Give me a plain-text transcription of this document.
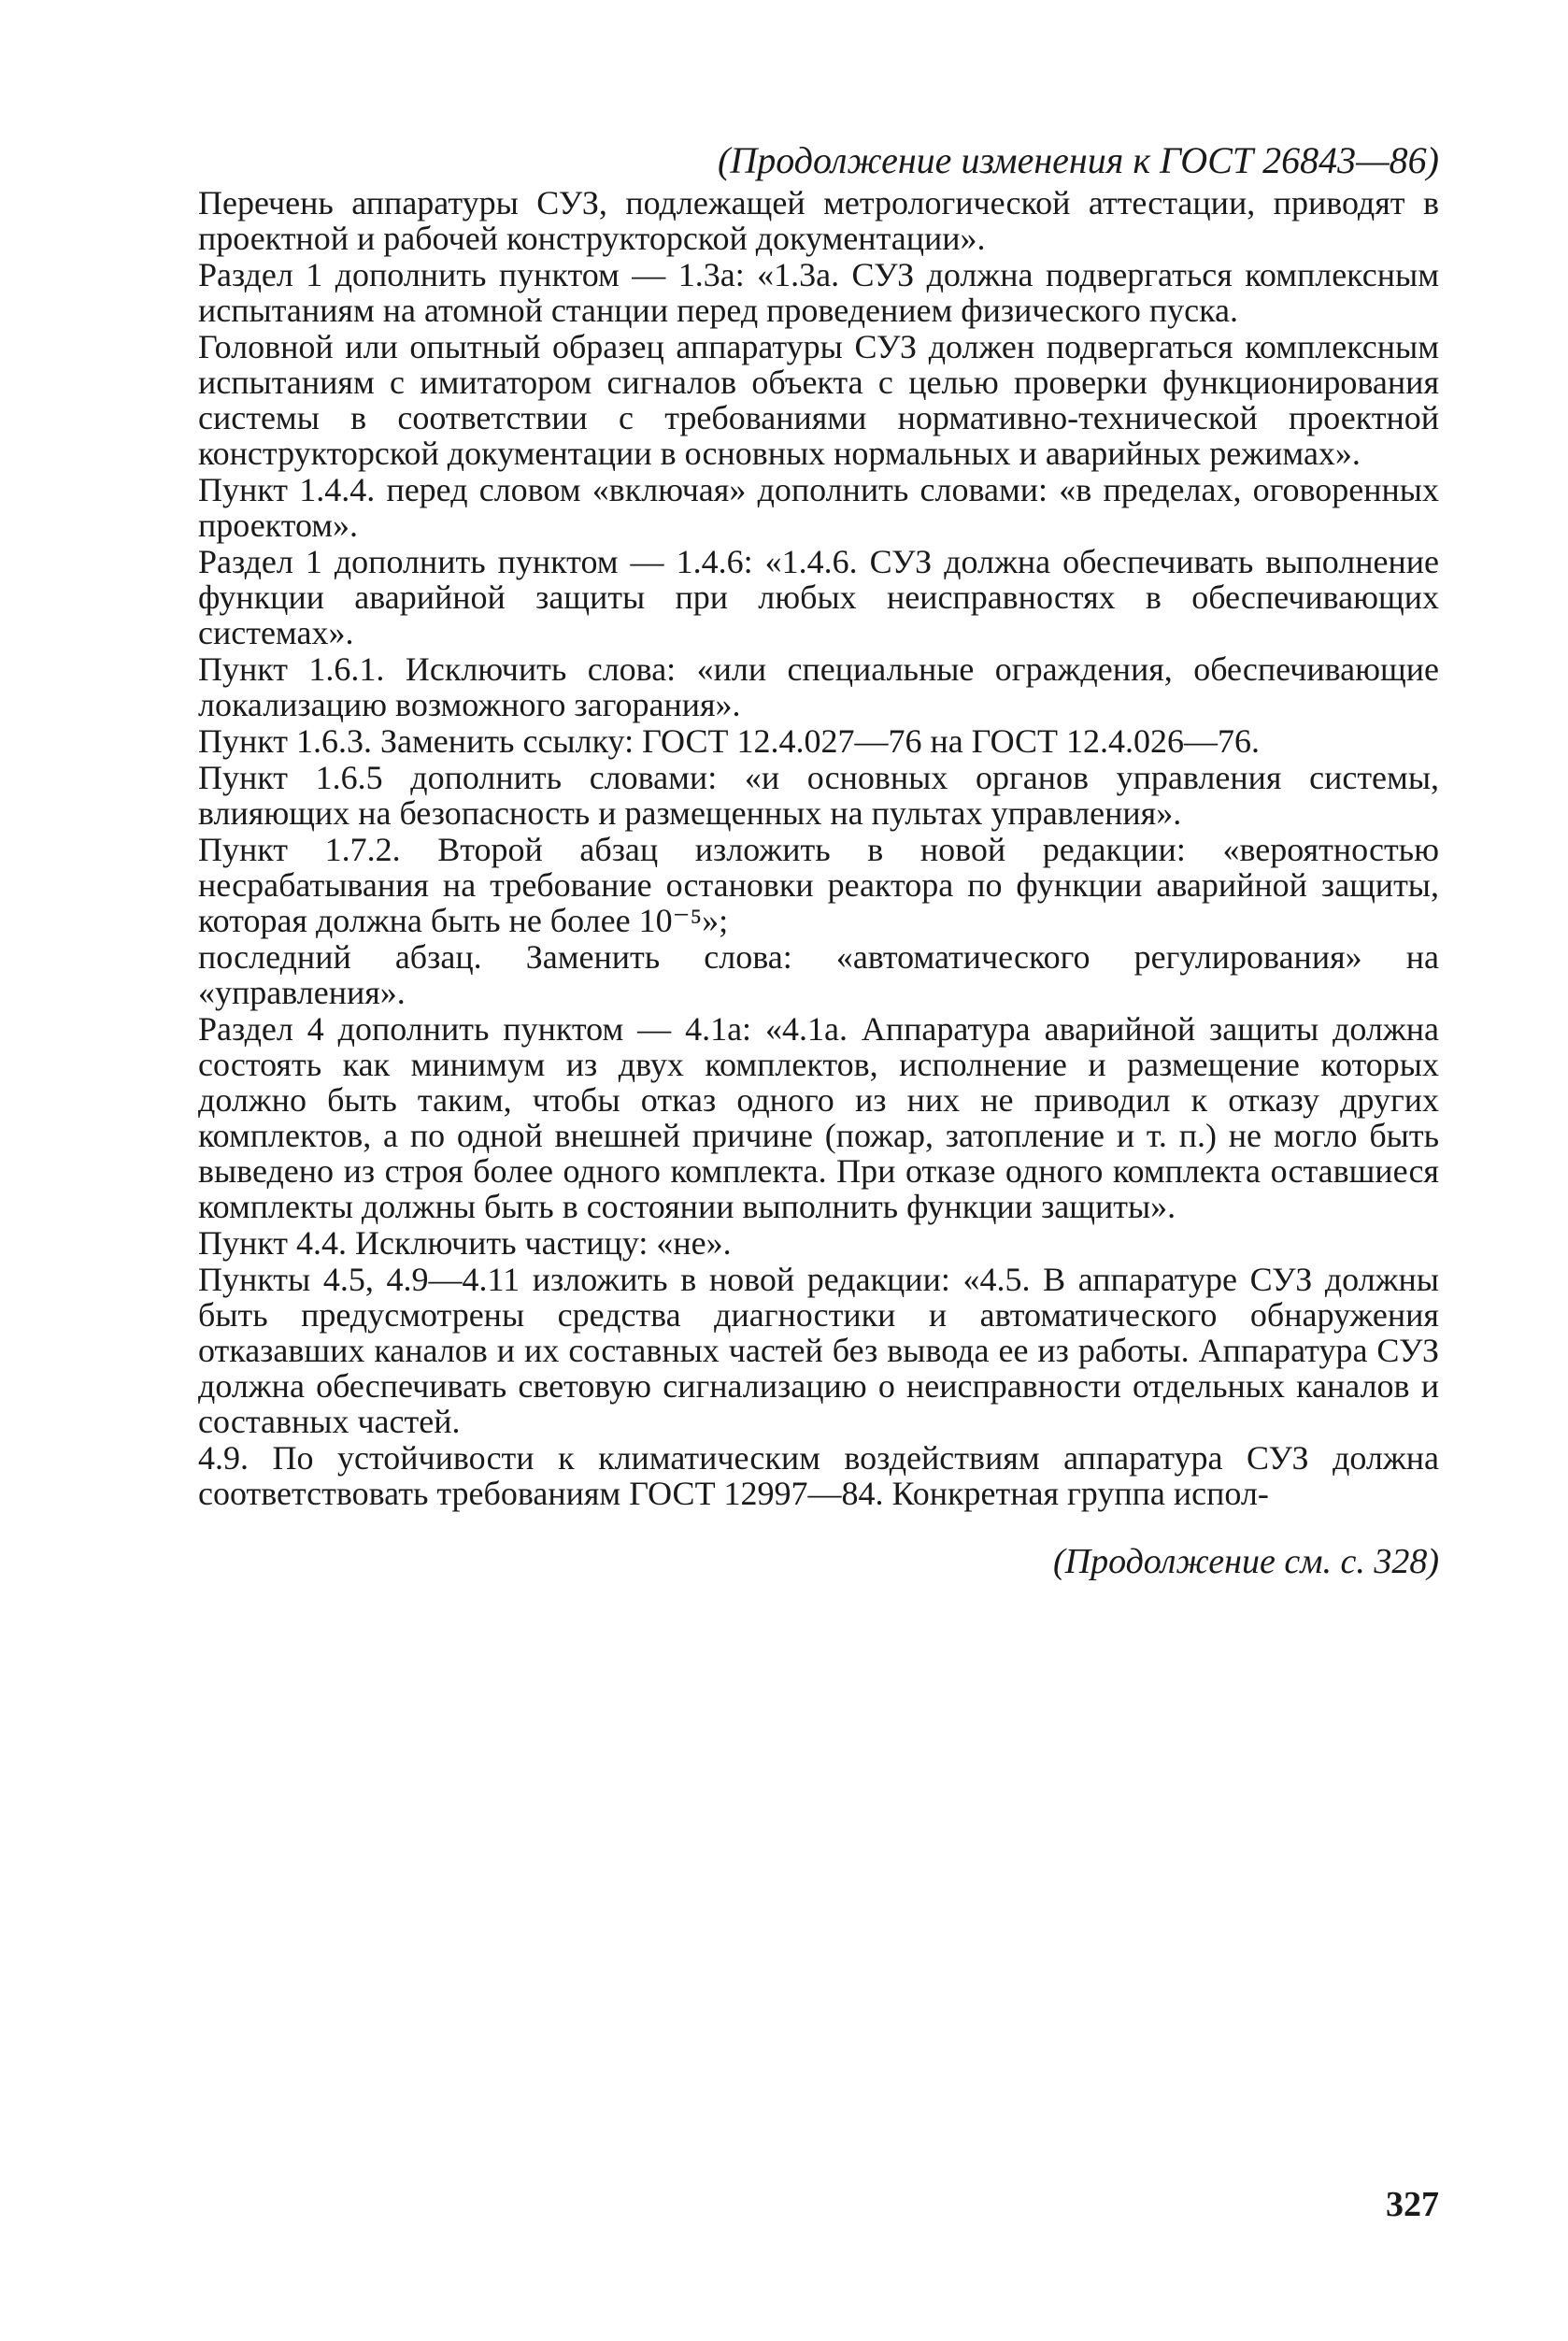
(Продолжение изменения к ГОСТ 26843—86)

Перечень аппаратуры СУЗ, подлежащей метрологической аттестации, приводят в проектной и рабочей конструкторской документации».

Раздел 1 дополнить пунктом — 1.3а: «1.3а. СУЗ должна подвергаться комплексным испытаниям на атомной станции перед проведением физического пуска.

Головной или опытный образец аппаратуры СУЗ должен подвергаться комплексным испытаниям с имитатором сигналов объекта с целью проверки функционирования системы в соответствии с требованиями нормативно-технической проектной конструкторской документации в основных нормальных и аварийных режимах».

Пункт 1.4.4. перед словом «включая» дополнить словами: «в пределах, оговоренных проектом».

Раздел 1 дополнить пунктом — 1.4.6: «1.4.6. СУЗ должна обеспечивать выполнение функции аварийной защиты при любых неисправностях в обеспечивающих системах».

Пункт 1.6.1. Исключить слова: «или специальные ограждения, обеспечивающие локализацию возможного загорания».

Пункт 1.6.3. Заменить ссылку: ГОСТ 12.4.027—76 на ГОСТ 12.4.026—76.

Пункт 1.6.5 дополнить словами: «и основных органов управления системы, влияющих на безопасность и размещенных на пультах управления».

Пункт 1.7.2. Второй абзац изложить в новой редакции: «вероятностью несрабатывания на требование остановки реактора по функции аварийной защиты, которая должна быть не более 10⁻⁵»;

последний абзац. Заменить слова: «автоматического регулирования» на «управления».

Раздел 4 дополнить пунктом — 4.1а: «4.1а. Аппаратура аварийной защиты должна состоять как минимум из двух комплектов, исполнение и размещение которых должно быть таким, чтобы отказ одного из них не приводил к отказу других комплектов, а по одной внешней причине (пожар, затопление и т. п.) не могло быть выведено из строя более одного комплекта. При отказе одного комплекта оставшиеся комплекты должны быть в состоянии выполнить функции защиты».

Пункт 4.4. Исключить частицу: «не».

Пункты 4.5, 4.9—4.11 изложить в новой редакции: «4.5. В аппаратуре СУЗ должны быть предусмотрены средства диагностики и автоматического обнаружения отказавших каналов и их составных частей без вывода ее из работы. Аппаратура СУЗ должна обеспечивать световую сигнализацию о неисправности отдельных каналов и составных частей.

4.9. По устойчивости к климатическим воздействиям аппаратура СУЗ должна соответствовать требованиям ГОСТ 12997—84. Конкретная группа испол-

(Продолжение см. с. 328)
327
